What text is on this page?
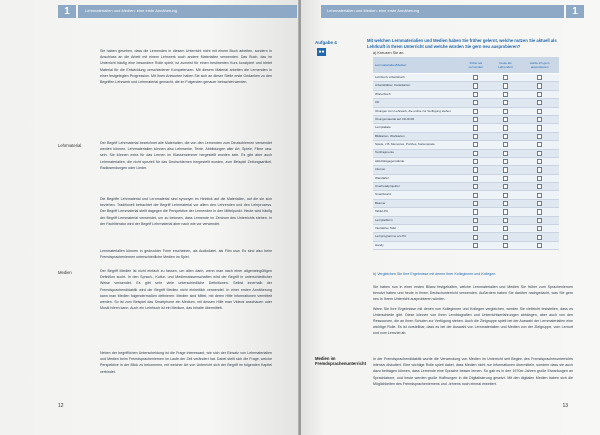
1	Lehrmaterialien und Medien: eine erste Annäherung

Sie haben gesehen, dass die Lernenden in diesem Unterricht nicht mit einem Buch arbeiten, sondern in Anschluss an die Arbeit mit einem Lehrwerk auch andere Materialien verwenden. Das Buch, das im Unterricht häufig eine besondere Rolle spielt, ist zumeist für einen bestimmten Kurs konzipiert und bietet Material für die Entwicklung verschiedener Kompetenzen. Mit diesem Material arbeiten die Lernenden in einer festgelegten Progression. Mit Ihren Antworten haben Sie sich an dieser Stelle erste Gedanken zu den Begriffen Lehrwerk und Lehrmaterial gemacht, die im Folgenden genauer betrachtet werden.

Lehrmaterial	Der Begriff Lehrmaterial bezeichnet alle Materialien, die von den Lernenden zum Deutschlernen verwendet werden können. Lehrmaterialien können also Lehrwerke, Texte, Abbildungen aller Art, Spiele, Filme usw. sein. Sie können extra für das Lernen im Klassenzimmer hergestellt worden sein. Es gibt aber auch Lehrmaterialien, die nicht speziell für das Deutschlernen hergestellt wurden, zum Beispiel Zeitungsartikel, Radiosendungen oder Lieder.

Die Begriffe Lehrmaterial und Lernmaterial sind synonym im Hinblick auf die Materialien, auf die sie sich beziehen. Traditionell betrachtet der Begriff Lehrmaterial vor allem den Lehrenden und den Lehrprozess. Der Begriff Lernmaterial stellt dagegen die Perspektive der Lernenden in den Mittelpunkt. Heute wird häufig der Begriff Lernmaterial verwendet, um zu betonen, dass Lernende im Zentrum des Unterrichts stehen. In der Fachliteratur wird der Begriff Lehrmaterial aber nach wie vor verwendet.

Lernmaterialien können in gedruckter Form erscheinen, als Audiodatei, als Film usw. Es sind also beim Fremdsprachenlernen unterschiedliche Medien im Spiel.

Medien	Der Begriff Medien ist nicht einfach zu fassen, um allen darin, wenn man nach einer allgemeingültigen Definition sucht. In den Sprach-, Kultur- und Medienwissenschaften wird der Begriff in unterschiedlicher Weise verwendet. Es gibt sehr viele unterschiedliche Definitionen. Selbst innerhalb der Fremdsprachendidaktik wird der Begriff Medien nicht einheitlich verwendet. In einer ersten Annäherung kann man Medien folgendermaßen definieren: Medien sind Mittel, mit deren Hilfe Informationen vermittelt werden. So ist zum Beispiel das Smartphone ein Medium, mit dessen Hilfe man Videos anschauen oder Musik hören kann. Auch ein Lehrbuch ist ein Medium, das Inhalte übermittelt.

Neben der begrifflichen Unterscheidung ist die Frage interessant, wie sich der Einsatz von Lehrmaterialien und Medien beim Fremdsprachenlernen im Laufe der Zeit verändert hat. Dabei stellt sich die Frage, welche Perspektive in der Blick zu bekommen, mit welcher Art von Unterricht sich der Begriff im folgenden Kapitel verbindet.

12
Lehrmaterialien und Medien: eine erste Annäherung	1
Aufgabe 4
●●
Mit welchen Lernmaterialien und Medien haben Sie früher gelernt, welche nutzen Sie aktuell als Lehrkraft in Ihrem Unterricht und welche würden Sie gern neu ausprobieren?
a) Kreuzen Sie an.
Lernmaterialien/Medien	früher als Lernende/r	heute als Lehrende/r	würde ich gern ausprobieren
Lehrbuch, Arbeitsbuch	

Arbeitsblätter, Karteikarten	

Wörterbuch	

CD	

Übungen zum Lehrwerk, die online zur Verfügung stehen	

Übungsmaterial auf CD-ROM	

Lernplakate	

Bildkarten, Wortkarten	

Spiele, z.B. Memories, Puzzles, Kartenspiele	

Textfragmente	

Aktivitätsgegenstände	

Internet	

Wandtafel	

Overheadprojektor	

Smartboard	

Beamer	

Tablet-PC	

Lernplattform	

Interaktive Tafel	

Lernprogramme am PC	

Handy	

b) Vergleichen Sie Ihre Ergebnisse mit denen Ihrer Kolleginnen und Kollegen.

Sie haben nun in einer ersten Bilanz festgehalten, welche Lernmaterialien und Medien Sie früher zum Sprachenlernen benutzt haben und heute in Ihrem Deutschunterricht verwenden. Außerdem haben Sie darüber nachgedacht, was Sie gern neu in Ihrem Unterricht ausprobieren würden.

Wenn Sie Ihre Ergebnisse mit denen von Kolleginnen und Kollegen vergleichen, werden Sie vielleicht feststellen, dass es Unterschiede gibt. Diese können von Ihren Lernbiografien und Unterrichtserfahrungen abhängen, aber auch von den Ressourcen, die an Ihren Schulen zur Verfügung stehen. Auch die Zielgruppe spielt bei der Auswahl der Lernmaterialien eine wichtige Rolle. Es ist vorstellbar, dass es bei der Auswahl von Lernmaterialien und Medien von der Zielgruppe, vom Lernort und vom Lernziel ab.

Medien im Fremdsprachenunterricht

In der Fremdsprachendidaktik wurde die Verwendung von Medien im Unterricht seit Beginn des Fremdsprachenunterrichts intensiv diskutiert. Eine wichtige Rolle spielt dabei, dass Medien nicht nur Informationen übermitteln, sondern dass sie auch dazu beitragen können, dass Lernende eine Sprache besser lernen. So gab es in den 1970er-Jahren große Erwartungen an Sprachlabore, und heute werden große Hoffnungen in die Digitalisierung gesetzt. Mit den digitalen Medien haben sich die Möglichkeiten des Fremdsprachenlernens und -lehrens noch einmal erweitert.

13
